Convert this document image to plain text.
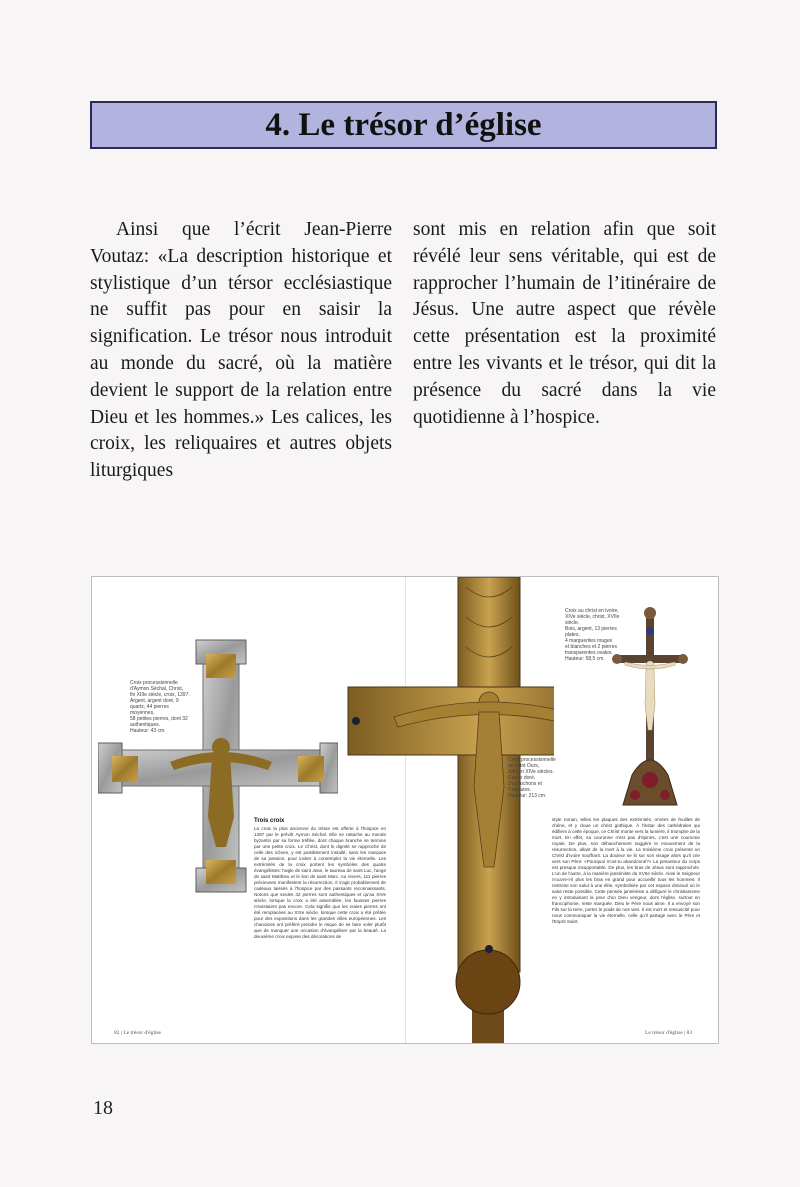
4. Le trésor d’église

Ainsi que l’écrit Jean-Pierre Voutaz: «La description historique et stylistique d’un térsor ecclésiastique ne suffit pas pour en saisir la signification. Le trésor nous introduit au monde du sacré, où la matière devient le support de la relation entre Dieu et les hommes.» Les calices, les croix, les reliquaires et autres objets liturgiques

sont mis en relation afin que soit révélé leur sens véritable, qui est de rapprocher l’humain de l’itinéraire de Jésus. Une autre aspect que révèle cette présentation est la proximité entre les vivants et le trésor, qui dit la présence du sacré dans la vie quotidienne à l’hospice.

Croix processionnelle
d'Aymon Séchal, Christ,
fin XIIIe siècle, croix, 1397.
Argent, argent doré, 9
quartz, 44 pierres moyennes,
58 petites pierres, dont 32
authentiques.
Hauteur: 43 cm.
Croix processionnelle
de saint Ours,
XIIIe et XIVe siècles.
Cuivre doré,
2 cabochons et
7 topazes.
Hauteur: 213 cm.
Croix au christ en ivoire,
XIVe siècle, christ, XVIIe siècle.
Bois, argent, 13 pierres plates,
4 marguerites rouges
et blanches et 2 pierres
transparentes ovales.
Hauteur: 58,5 cm.
Trois croix
La croix la plus ancienne du trésor est offerte à l'hospice en 1397 par le prévôt Aymon Séchal. Elle se rattache au monde byzantin par sa forme tréflée, dont chaque branche se termine par une petite croix. Le Christ, dont le dignité se rapproche de celle des icônes, y est paisiblement installé, sans les marques de sa passion, pour inviter à contempler la vie éternelle. Les extrémités de la croix portent les symboles des quatre évangélistes: l'aigle de saint Jean, le taureau de saint Luc, l'ange de saint Matthieu et le lion de saint Marc. Au revers, 111 pierres précieuses manifestent la résurrection. Il s'agit probablement de cadeaux laissés à l'hospice par des passants reconnaissants. Notons que seules 32 pierres sont authentiques et qu'au XIVe siècle, lorsque la croix a été assemblée, les fausses pierres n'existaient pas encore. Cela signifie que les vraies pierres ont été remplacées au XIXe siècle, lorsque cette croix a été prêtée pour des expositions dans les grandes villes européennes. Les chanoines ont préféré prendre le risque de se faire voler plutôt que de manquer une occasion d'évangéliser par la beauté. La deuxième croix expose des décorations de
style roman, telles les plaques des extrémités, ornées de feuilles de chêne, et y cloue un christ gothique. À l'instar des cathédrales qui édifient à cette époque, ce Christ monte vers la lumière, il triomphe de la mort. En effet, sa couronne n'est pas d'épines, c'est une couronne royale. De plus, son déhanchement suggère le mouvement de la résurrection, allant de la mort à la vie. La troisième croix présente un Christ d'ivoire souffrant. La douleur se lit sur son visage alors qu'il crie vers son Père: «Pourquoi m'as-tu abandonné?» La pesanteur du corps est presque insupportable. De plus, les bras de Jésus sont rapprochés. L'un de l'autre, à la manière janséniste du XVIIe siècle. Ainsi le Seigneur n'ouvre-t-il plus les bras en grand pour accueillir tous les hommes. Il restreint son salut à une élite, symbolisée par cet espace diminué où le salut reste possible. Cette pensée janséniste a défiguré le christianisme en y introduisant la peur d'un Dieu vengeur, dont l'église, surtout en francophonie, reste marquée. Dieu le Père nous aime. Il a envoyé son Fils sur la terre, porter le poids de nos vies. Il est mort et ressuscité pour nous communiquer la vie éternelle, celle qu'il partage avec le Père et l'Esprit Saint.
82 | Le trésor d'église	Le trésor d'église | 83
18
